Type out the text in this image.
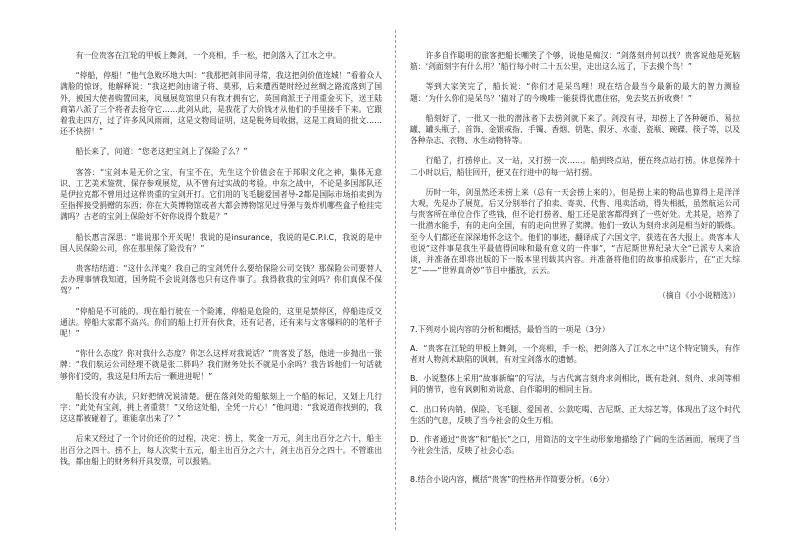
有一位贵客在江轮的甲板上舞剑，一个亮相，手一松，把剑落入了江水之中。

“停船，停船！”他气急败坏地大叫：“我那把剑非同寻常，我这把剑价值连城！”看着众人满脸的惊讶，他解释说：“我这把剑由诸子将、莫邪，后来遭西楚时经过丝绸之路流落到了国外，被国大使者购置回来，凤凰展览馆里只有我才拥有它，英国商派王子用重金买下，送王陆商第八派了三个将者去抢夺它……此剑从此，是我花了大价钱才从他们的手里接手下来。它跟着我走四方，过了许多风风雨雨，这是文物局证明，这是税务局收据，这是工商局的批文……还不快捞！”

船长来了，问道：“您老这把宝剑上了保险了么？”

客答：“宝剑本是无价之宝，有宝不在，先生这个价值会在于邦职文化之神，集体无意识、工艺美术鉴赏、保存参观展览，从不曾有过实战的考验。中东之战中，不论是多国部队还是伊拉克都不曾用过这样贵重的宝剑开打。它们用的飞毛腿爱国者导-2都是国际市场拍卖到为至指挥接受捐赠的东西；你在大英博物馆或者大都会博物馆见过导弹与轰炸机哪些盒子枪挂完满吗？古老的宝剑上保险好不好你说得个数是？”

船长惠言深思：“谁说那个开关呢！我说的是insurance，我说的是C.P.I.C，我说的是中国人民保险公司，你在那里保了险没有？”

贵客结结道：“这什么洋鬼？我自己的宝剑凭什么要给保险公司交钱？那保险公司要替人去办理事情我知道，国务院不会说剑落也只有这件事了。我得救我的宝剑吗？你们真保不保驾？”

“停船是不可能的。现在船行驶在一个险滩，停船是危险的，这里是禁停区，停船违反交通法。停船大家都不高兴。你们的船上打开有伙食，还有记者，还有来与文客爆料的的笔杆子呢！”

“你什么态度？你对我什么态度？你怎么这样对我说话？”贵客发了怒，他进一步抛出一张牌：“我们航运公司经理不就是张二胖吗？我们财务处长不就是小余吗？我告诉他们一句话就够你们受的，我这是归所去后一颗进进呢！”

船长没有办法，只好把情况说清楚。便在落剑处的船舷刻上一个船的标记，又划上几行字：“此处有宝剑，挑上者重赏！”又给这处船，全凭一片心！”他问道：“我说道你找到的，我这这都被碰着了，谁能拿出来了？”

后来又经过了一个讨价还价的过程，决定：捞上，奖金一万元，剑主出百分之六十，船主出百分之四十。捞不上，每人次奖十五元，船主出百分之六十，剑主出百分之四十。不管谁出钱，都由船上的财务科开具发票，可以报销。

许多自作聪明的旅客把船长嘲笑了个够，说他是痴汉：“剑落刻舟何以找？贵客说他是死脑筋：‘剑面刻字有什么用？’船行每小时二十五公里，走出这么远了，下去摸个鸟！”

等到大家笑完了，船长说：“你们才是呆鸟哩！现在结合最当今最新的最大的智力测验题：‘为什么你们是呆鸟？’猜对了的今晚唯一能获得优惠住宿，免去奖五折收费！”

船刻好了，一批又一批的潜泳者下去捞剑就下来了。剑没有寻，却捞上了各种硬币、易拉罐、罐头瓶子、首饰、金银戒指、手镯、香烟、钥匙、假牙、水壶、瓷瓶、碗碟、筷子等，以及各种杂志、衣物、水生动物特等。

行船了，打捞停止。又一站，又打捞一次……。船到终点站，便在终点站打捞。休息保养十二小时以后，船往回开，便又在行进中的每一站打捞。

历时一年，剑虽然还未捞上来（总有一天会捞上来的），但是捞上来的物品也算得上是洋洋大观，先是办了展览，后又分别举行了拍卖、寄卖、代售、甩卖活动，得失相抵，虽然航运公司与贵客所在单位合作了些钱，但不论打捞者、船工还是旅客都得到了一些好处。尤其是，培养了一批潜水能手，有的走向全国，有的走向世界了奖牌。他们一致认为刻舟求剑是相当好的锻炼。至今人们都还在深深地怀念这个。他们的事迹，翻译成了六国文字，获选在各大报上。贵客本人也说“这件事是我生平最值得回味和最有意义的一件事”，“吉尼斯世界纪录大全”已派专人来洽谈，并准备在即将出版的下一版本里刊载其内容。并准备将他们的故事拍成影片，在“正大综艺”——“世界真奇妙”节目中播放，云云。

（摘自《小小说精选》）

7.下列对小说内容的分析和概括，最恰当的一项是（3分）

A．“贵客在江轮的甲板上舞剑，一个亮相，手一松，把剑落入了江水之中”这个特定镜头，有作者对人物剑术缺陷的讽刺，有对宝剑落水的遗憾。

B．小说整体上采用“故事新编”的写法，与古代寓言刻舟求剑相比，既有赴剑、刻舟、求剑等相同的情节，也有讽刺和劝说意、自作聪明的相同主旨。

C．出口转内销、保险、飞毛腿、爱国者、公款吃喝、吉尼斯、正大综艺等，体现出了这个时代生活的气息，反映了当今社会的众生万相。

D．作者通过“贵客”和“船长”之口，用简洁的文字生动形象地描绘了广阔的生活画面，展现了当今社会生活，反映了社会心态。

8.结合小说内容，概括“贵客”的性格并作简要分析。（6分）
